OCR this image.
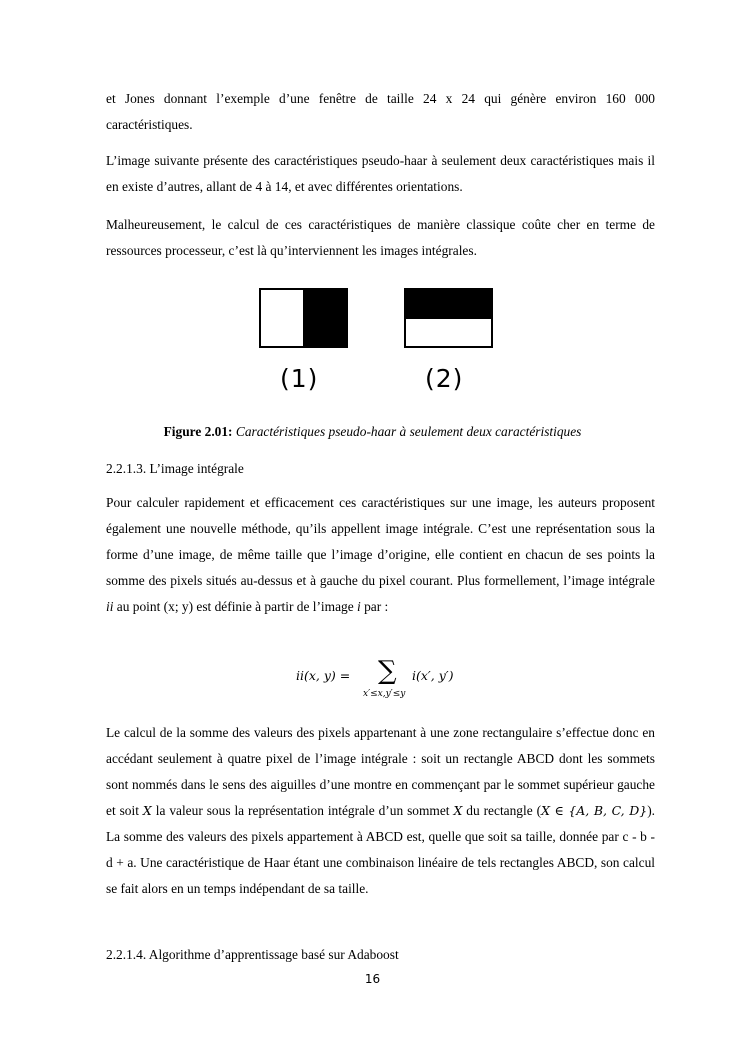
et Jones donnant l’exemple d’une fenêtre de taille 24 x 24 qui génère environ 160 000 caractéristiques.

L’image suivante présente des caractéristiques pseudo-haar à seulement deux caractéristiques mais il en existe d’autres, allant de 4 à 14, et avec différentes orientations.

Malheureusement, le calcul de ces caractéristiques de manière classique coûte cher en terme de ressources processeur, c’est là qu’interviennent les images intégrales.

(1)	(2)
Figure 2.01: Caractéristiques pseudo-haar à seulement deux caractéristiques

2.2.1.3. L’image intégrale

Pour calculer rapidement et efficacement ces caractéristiques sur une image, les auteurs proposent également une nouvelle méthode, qu’ils appellent image intégrale. C’est une représentation sous la forme d’une image, de même taille que l’image d’origine, elle contient en chacun de ses points la somme des pixels situés au-dessus et à gauche du pixel courant. Plus formellement, l’image intégrale ii au point (x; y) est définie à partir de l’image i par :

ii(x, y) = ∑
x′≤x,y′≤y
i(x′, y′)

Le calcul de la somme des valeurs des pixels appartenant à une zone rectangulaire s’effectue donc en accédant seulement à quatre pixel de l’image intégrale : soit un rectangle ABCD dont les sommets sont nommés dans le sens des aiguilles d’une montre en commençant par le sommet supérieur gauche et soit X la valeur sous la représentation intégrale d’un sommet X du rectangle (X ∈ {A, B, C, D}). La somme des valeurs des pixels appartement à ABCD est, quelle que soit sa taille, donnée par c - b - d + a. Une caractéristique de Haar étant une combinaison linéaire de tels rectangles ABCD, son calcul se fait alors en un temps indépendant de sa taille.

2.2.1.4. Algorithme d’apprentissage basé sur Adaboost

16
